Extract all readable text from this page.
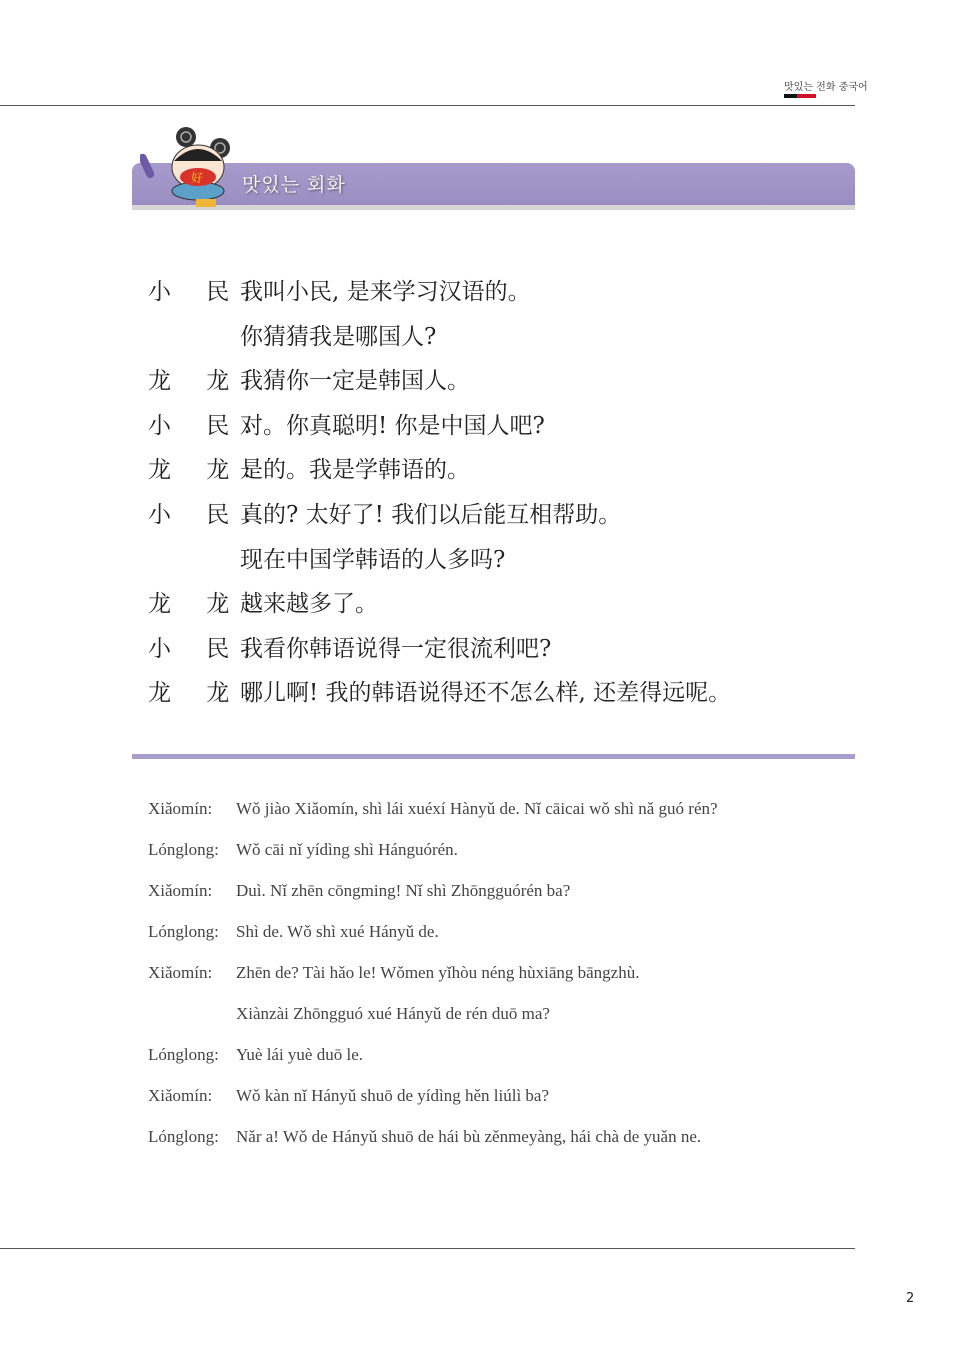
맛있는 전화 중국어
好 맛있는 회화
2
小 民:我叫小民, 是来学习汉语的。
你猜猜我是哪国人?
龙 龙:我猜你一定是韩国人。
小 民:对。你真聪明! 你是中国人吧?
龙 龙:是的。我是学韩语的。
小 民:真的? 太好了! 我们以后能互相帮助。
现在中国学韩语的人多吗?
龙 龙:越来越多了。
小 民:我看你韩语说得一定很流利吧?
龙 龙:哪儿啊! 我的韩语说得还不怎么样, 还差得远呢。
Xiǎomín: Wǒ jiào Xiǎomín, shì lái xuéxí Hànyǔ de. Nǐ cāicai wǒ shì nǎ guó rén?
Lónglong: Wǒ cāi nǐ yídìng shì Hánguórén.
Xiǎomín: Duì. Nǐ zhēn cōngming! Nǐ shì Zhōngguórén ba?
Lónglong: Shì de. Wǒ shì xué Hányǔ de.
Xiǎomín: Zhēn de? Tài hǎo le! Wǒmen yǐhòu néng hùxiāng bāngzhù.
Xiànzài Zhōngguó xué Hányǔ de rén duō ma?
Lónglong: Yuè lái yuè duō le.
Xiǎomín: Wǒ kàn nǐ Hányǔ shuō de yídìng hěn liúlì ba?
Lónglong: Nǎr a! Wǒ de Hányǔ shuō de hái bù zěnmeyàng, hái chà de yuǎn ne.
